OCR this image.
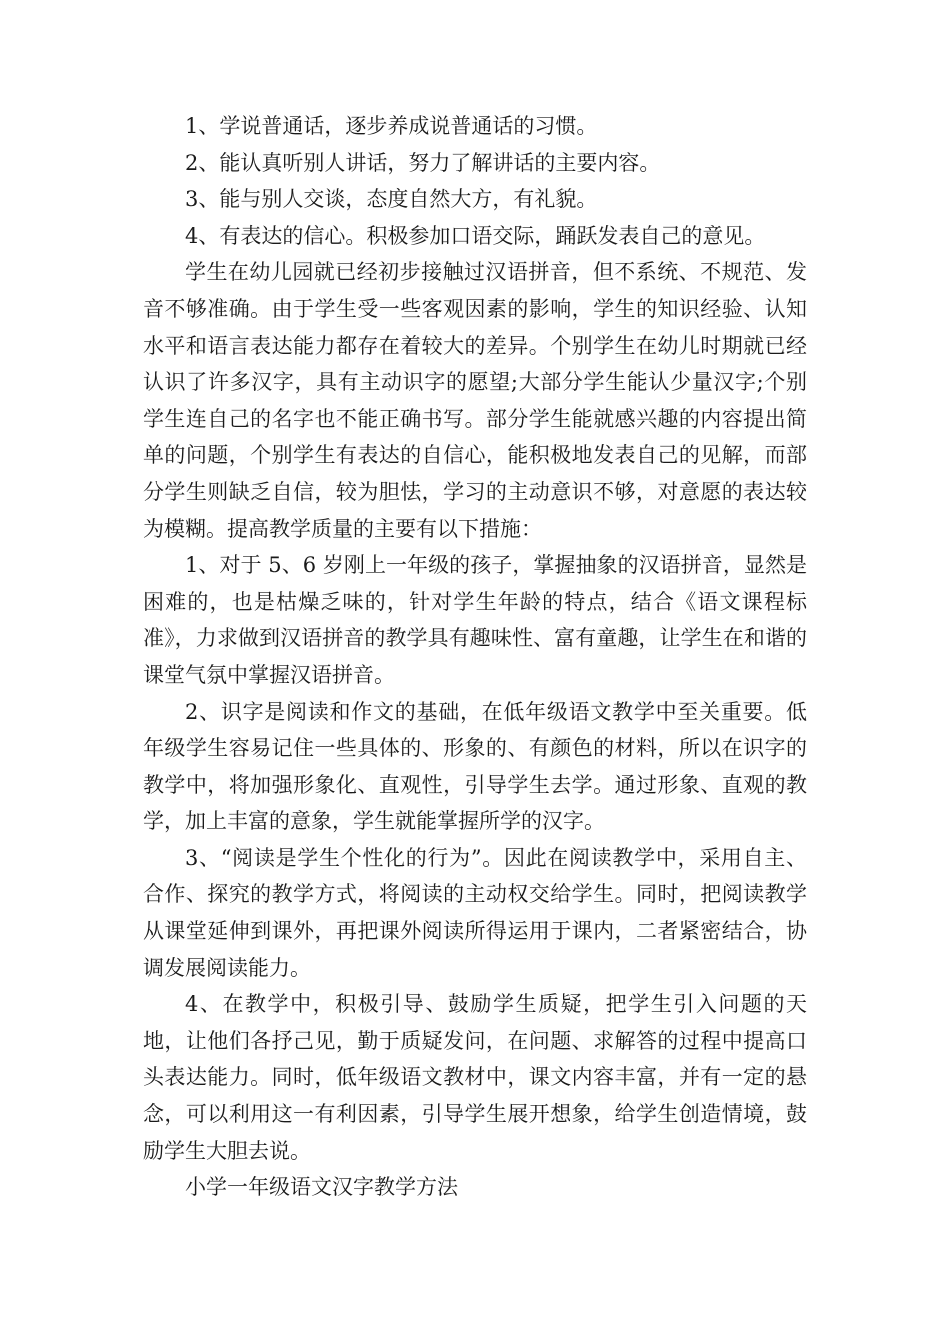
1、学说普通话，逐步养成说普通话的习惯。

2、能认真听别人讲话，努力了解讲话的主要内容。

3、能与别人交谈，态度自然大方，有礼貌。

4、有表达的信心。积极参加口语交际，踊跃发表自己的意见。

学生在幼儿园就已经初步接触过汉语拼音，但不系统、不规范、发音不够准确。由于学生受一些客观因素的影响，学生的知识经验、认知水平和语言表达能力都存在着较大的差异。个别学生在幼儿时期就已经认识了许多汉字，具有主动识字的愿望;大部分学生能认少量汉字;个别学生连自己的名字也不能正确书写。部分学生能就感兴趣的内容提出简单的问题，个别学生有表达的自信心，能积极地发表自己的见解，而部分学生则缺乏自信，较为胆怯，学习的主动意识不够，对意愿的表达较为模糊。提高教学质量的主要有以下措施：

1、对于 5、6 岁刚上一年级的孩子，掌握抽象的汉语拼音，显然是困难的，也是枯燥乏味的，针对学生年龄的特点，结合《语文课程标准》，力求做到汉语拼音的教学具有趣味性、富有童趣，让学生在和谐的课堂气氛中掌握汉语拼音。

2、识字是阅读和作文的基础，在低年级语文教学中至关重要。低年级学生容易记住一些具体的、形象的、有颜色的材料，所以在识字的教学中，将加强形象化、直观性，引导学生去学。通过形象、直观的教学，加上丰富的意象，学生就能掌握所学的汉字。

3、“阅读是学生个性化的行为”。因此在阅读教学中，采用自主、合作、探究的教学方式，将阅读的主动权交给学生。同时，把阅读教学从课堂延伸到课外，再把课外阅读所得运用于课内，二者紧密结合，协调发展阅读能力。

4、在教学中，积极引导、鼓励学生质疑，把学生引入问题的天地，让他们各抒己见，勤于质疑发问，在问题、求解答的过程中提高口头表达能力。同时，低年级语文教材中，课文内容丰富，并有一定的悬念，可以利用这一有利因素，引导学生展开想象，给学生创造情境，鼓励学生大胆去说。

小学一年级语文汉字教学方法
